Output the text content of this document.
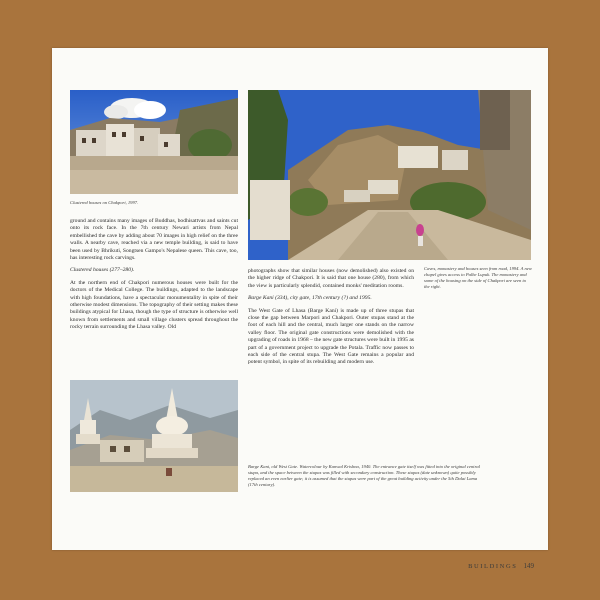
Clustered houses on Chakpori, 1997.
Caves, monastery and houses seen from road, 1994. A new chapel gives access to Palhe Lupuk. The monastery and some of the housing on the side of Chakpori are seen to the right.

ground and contains many images of Buddhas, bodhisattvas and saints cut onto its rock face. In the 7th century Newari artists from Nepal embellished the cave by adding about 70 images in high relief on the three walls. A nearby cave, reached via a new temple building, is said to have been used by Bhrikuti, Songtsen Gampo's Nepalese queen. This cave, too, has interesting rock carvings.

Clustered houses (277–280).

At the northern end of Chakpori numerous houses were built for the doctors of the Medical College. The buildings, adapted to the landscape with high foundations, have a spectacular monumentality in spite of their otherwise modest dimensions. The topography of their setting makes these buildings atypical for Lhasa, though the type of structure is otherwise well known from settlements and small village clusters spread throughout the rocky terrain surrounding the Lhasa valley. Old

photographs show that similar houses (now demolished) also existed on the higher ridge of Chakpori. It is said that one house (280), from which the view is particularly splendid, contained monks' meditation rooms.

Barge Kani (334), city gate, 17th century (?) and 1995.

The West Gate of Lhasa (Barge Kani) is made up of three stupas that close the gap between Marpori and Chakpori. Outer stupas stand at the foot of each hill and the central, much larger one stands on the narrow valley floor. The original gate constructions were demolished with the upgrading of roads in 1968 – the new gate structures were built in 1995 as part of a government project to upgrade the Potala. Traffic now passes to each side of the central stupa. The West Gate remains a popular and potent symbol, in spite of its rebuilding and modern use.

Barge Kani, old West Gate. Watercolour by Kanwal Krishna, 1940. The entrance gate itself was fitted into the original central stupa, and the space between the stupas was filled with secondary construction. These stupas (date unknown) quite possibly replaced an even earlier gate; it is assumed that the stupas were part of the great building activity under the 5th Dalai Lama (17th century).
BUILDINGS 149
